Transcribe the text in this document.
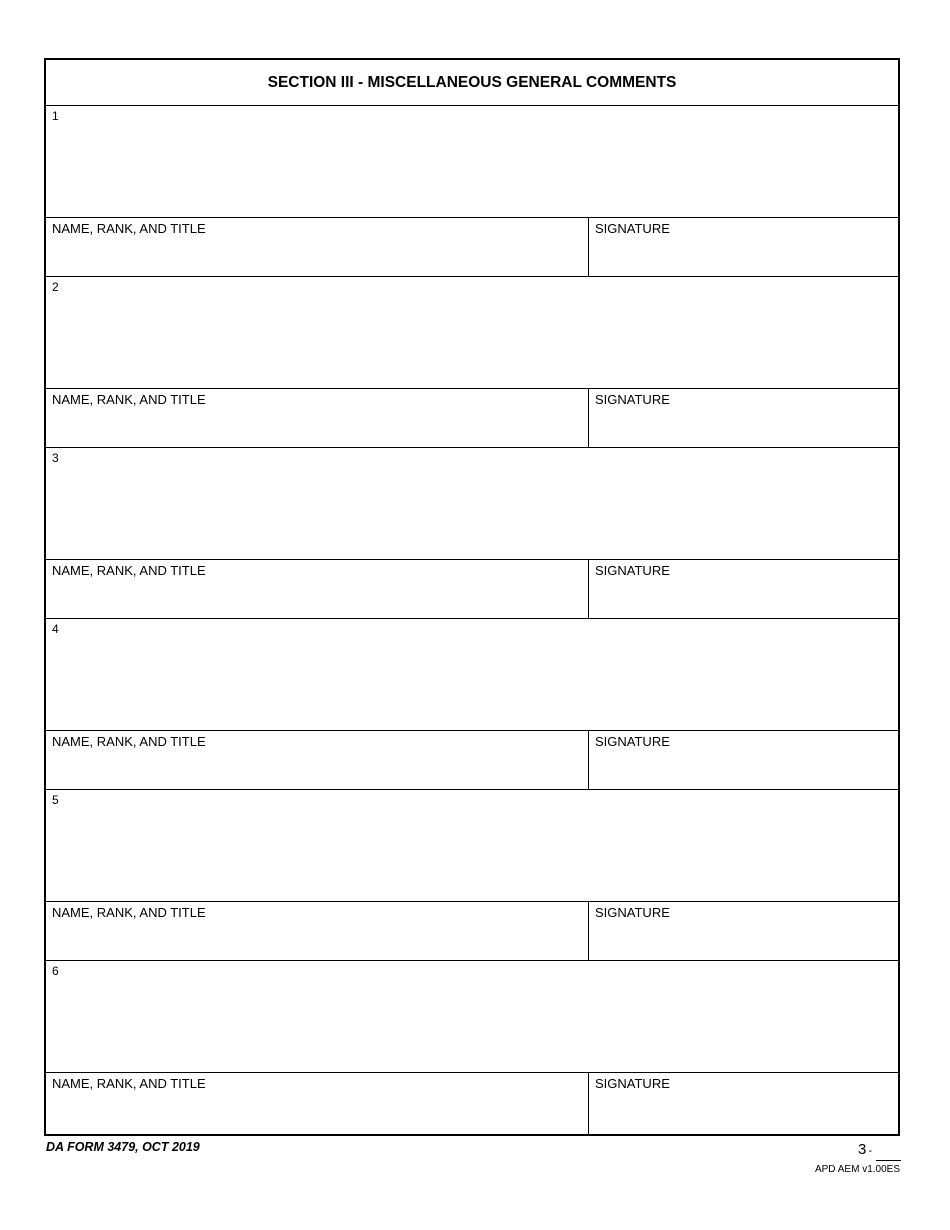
SECTION III - MISCELLANEOUS GENERAL COMMENTS
1
NAME, RANK, AND TITLE	SIGNATURE
2
NAME, RANK, AND TITLE	SIGNATURE
3
NAME, RANK, AND TITLE	SIGNATURE
4
NAME, RANK, AND TITLE	SIGNATURE
5
NAME, RANK, AND TITLE	SIGNATURE
6
NAME, RANK, AND TITLE	SIGNATURE
DA FORM 3479, OCT 2019	3 -
APD AEM v1.00ES
